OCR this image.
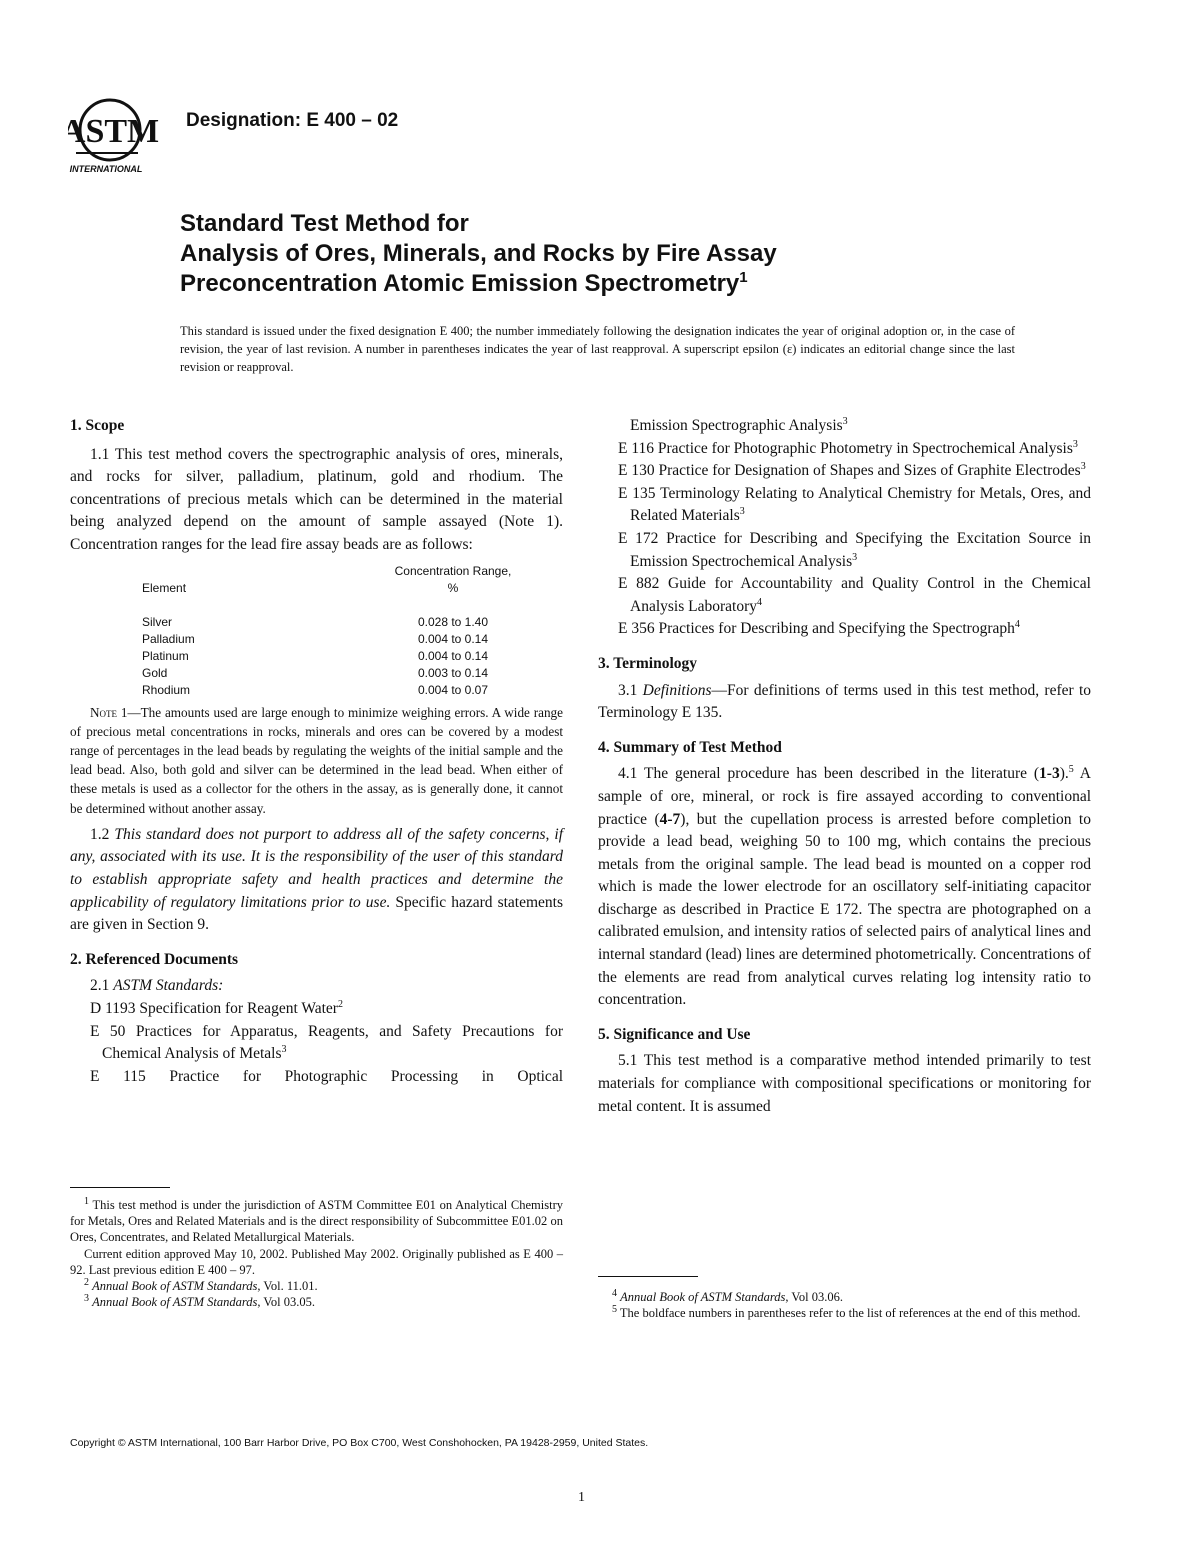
ASTM
INTERNATIONAL
Designation: E 400 – 02
Standard Test Method for
Analysis of Ores, Minerals, and Rocks by Fire Assay
Preconcentration Atomic Emission Spectrometry$^1$
This standard is issued under the fixed designation E 400; the number immediately following the designation indicates the year of original adoption or, in the case of revision, the year of last revision. A number in parentheses indicates the year of last reapproval. A superscript epsilon (ε) indicates an editorial change since the last revision or reapproval.
1. Scope

1.1 This test method covers the spectrographic analysis of ores, minerals, and rocks for silver, palladium, platinum, gold and rhodium. The concentrations of precious metals which can be determined in the material being analyzed depend on the amount of sample assayed (Note 1). Concentration ranges for the lead fire assay beads are as follows:

	Concentration Range,
Element	%

Silver	0.028 to 1.40
Palladium	0.004 to 0.14
Platinum	0.004 to 0.14
Gold	0.003 to 0.14
Rhodium	0.004 to 0.07
Note 1—The amounts used are large enough to minimize weighing errors. A wide range of precious metal concentrations in rocks, minerals and ores can be covered by a modest range of percentages in the lead beads by regulating the weights of the initial sample and the lead bead. Also, both gold and silver can be determined in the lead bead. When either of these metals is used as a collector for the others in the assay, as is generally done, it cannot be determined without another assay.

1.2 This standard does not purport to address all of the safety concerns, if any, associated with its use. It is the responsibility of the user of this standard to establish appropriate safety and health practices and determine the applicability of regulatory limitations prior to use. Specific hazard statements are given in Section 9.

2. Referenced Documents

2.1 ASTM Standards:

D 1193 Specification for Reagent Water$^2$

E 50 Practices for Apparatus, Reagents, and Safety Precautions for Chemical Analysis of Metals$^3$

E 115 Practice for Photographic Processing in Optical

$^1$ This test method is under the jurisdiction of ASTM Committee E01 on Analytical Chemistry for Metals, Ores and Related Materials and is the direct responsibility of Subcommittee E01.02 on Ores, Concentrates, and Related Metallurgical Materials.

Current edition approved May 10, 2002. Published May 2002. Originally published as E 400 – 92. Last previous edition E 400 – 97.

$^2$ Annual Book of ASTM Standards, Vol. 11.01.

$^3$ Annual Book of ASTM Standards, Vol 03.05.

Emission Spectrographic Analysis$^3$

E 116 Practice for Photographic Photometry in Spectrochemical Analysis$^3$

E 130 Practice for Designation of Shapes and Sizes of Graphite Electrodes$^3$

E 135 Terminology Relating to Analytical Chemistry for Metals, Ores, and Related Materials$^3$

E 172 Practice for Describing and Specifying the Excitation Source in Emission Spectrochemical Analysis$^3$

E 882 Guide for Accountability and Quality Control in the Chemical Analysis Laboratory$^4$

E 356 Practices for Describing and Specifying the Spectrograph$^4$

3. Terminology

3.1 Definitions—For definitions of terms used in this test method, refer to Terminology E 135.

4. Summary of Test Method

4.1 The general procedure has been described in the literature (1-3).$^5$ A sample of ore, mineral, or rock is fire assayed according to conventional practice (4-7), but the cupellation process is arrested before completion to provide a lead bead, weighing 50 to 100 mg, which contains the precious metals from the original sample. The lead bead is mounted on a copper rod which is made the lower electrode for an oscillatory self-initiating capacitor discharge as described in Practice E 172. The spectra are photographed on a calibrated emulsion, and intensity ratios of selected pairs of analytical lines and internal standard (lead) lines are determined photometrically. Concentrations of the elements are read from analytical curves relating log intensity ratio to concentration.

5. Significance and Use

5.1 This test method is a comparative method intended primarily to test materials for compliance with compositional specifications or monitoring for metal content. It is assumed

$^4$ Annual Book of ASTM Standards, Vol 03.06.

$^5$ The boldface numbers in parentheses refer to the list of references at the end of this method.

Copyright © ASTM International, 100 Barr Harbor Drive, PO Box C700, West Conshohocken, PA 19428-2959, United States.
1
